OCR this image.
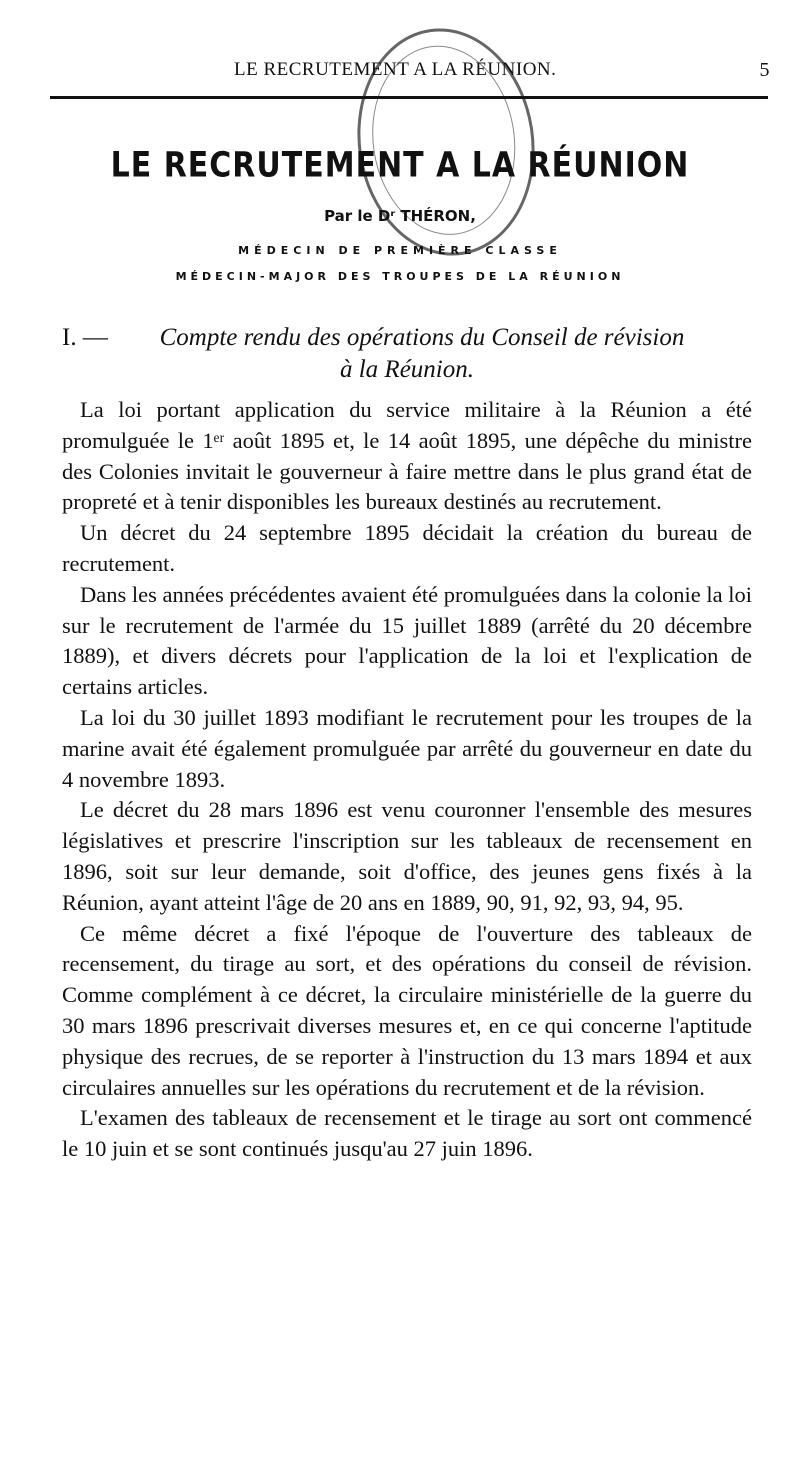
LE RECRUTEMENT A LA RÉUNION.	5
LE RECRUTEMENT A LA RÉUNION
Par le Dʳ THÉRON,
MÉDECIN DE PREMIÈRE CLASSE
MÉDECIN-MAJOR DES TROUPES DE LA RÉUNION
I. —	Compte rendu des opérations du Conseil de révision
à la Réunion.

La loi portant application du service militaire à la Réunion a été promulguée le 1ᵉʳ août 1895 et, le 14 août 1895, une dépêche du ministre des Colonies invitait le gouverneur à faire mettre dans le plus grand état de propreté et à tenir disponibles les bureaux destinés au recrutement.

Un décret du 24 septembre 1895 décidait la création du bureau de recrutement.

Dans les années précédentes avaient été promulguées dans la colonie la loi sur le recrutement de l'armée du 15 juillet 1889 (arrêté du 20 décembre 1889), et divers décrets pour l'application de la loi et l'explication de certains articles.

La loi du 30 juillet 1893 modifiant le recrutement pour les troupes de la marine avait été également promulguée par arrêté du gouverneur en date du 4 novembre 1893.

Le décret du 28 mars 1896 est venu couronner l'ensemble des mesures législatives et prescrire l'inscription sur les tableaux de recensement en 1896, soit sur leur demande, soit d'office, des jeunes gens fixés à la Réunion, ayant atteint l'âge de 20 ans en 1889, 90, 91, 92, 93, 94, 95.

Ce même décret a fixé l'époque de l'ouverture des tableaux de recensement, du tirage au sort, et des opérations du conseil de révision. Comme complément à ce décret, la circulaire ministérielle de la guerre du 30 mars 1896 prescrivait diverses mesures et, en ce qui concerne l'aptitude physique des recrues, de se reporter à l'instruction du 13 mars 1894 et aux circulaires annuelles sur les opérations du recrutement et de la révision.

L'examen des tableaux de recensement et le tirage au sort ont commencé le 10 juin et se sont continués jusqu'au 27 juin 1896.
